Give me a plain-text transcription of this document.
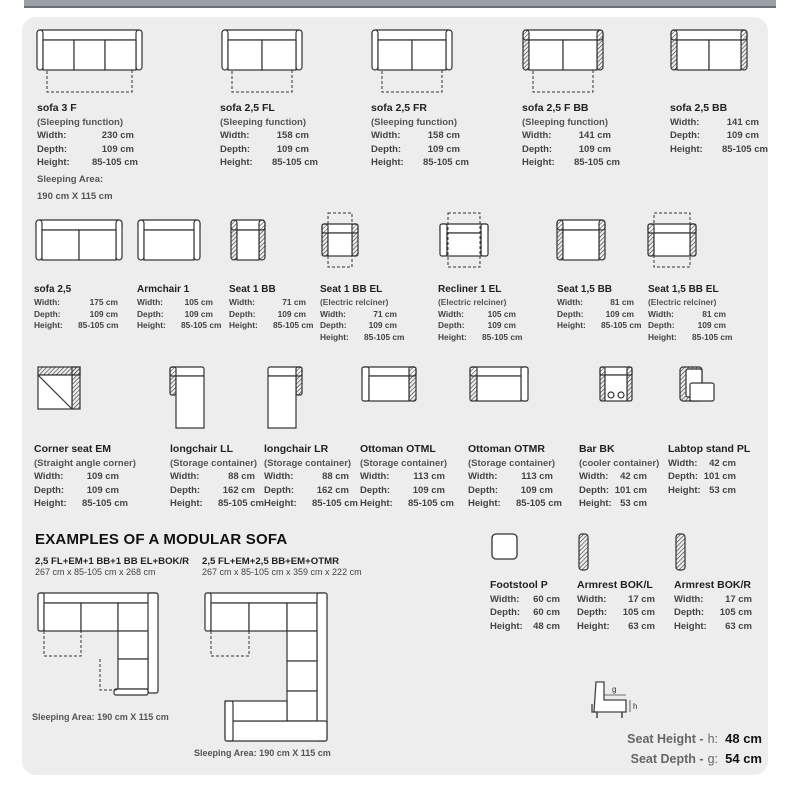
sofa 3 F
(Sleeping function)
Width:	230 cm
Depth:	109 cm
Height:	85-105 cm
Sleeping Area:
190 cm X 115 cm
sofa 2,5 FL
(Sleeping function)
Width:	158 cm
Depth:	109 cm
Height:	85-105 cm
sofa 2,5 FR
(Sleeping function)
Width:	158 cm
Depth:	109 cm
Height:	85-105 cm
sofa 2,5 F BB
(Sleeping function)
Width:	141 cm
Depth:	109 cm
Height:	85-105 cm
sofa 2,5 BB
Width:	141 cm
Depth:	109 cm
Height:	85-105 cm
sofa 2,5
Width:	175 cm
Depth:	109 cm
Height:	85-105 cm
Armchair 1
Width:	105 cm
Depth:	109 cm
Height:	85-105 cm
Seat 1 BB
Width:	71 cm
Depth:	109 cm
Height:	85-105 cm
Seat 1 BB EL
(Electric relciner)
Width:	71 cm
Depth:	109 cm
Height:	85-105 cm
Recliner 1 EL
(Electric relciner)
Width:	105 cm
Depth:	109 cm
Height:	85-105 cm
Seat 1,5 BB
Width:	81 cm
Depth:	109 cm
Height:	85-105 cm
Seat 1,5 BB EL
(Electric relciner)
Width:	81 cm
Depth:	109 cm
Height:	85-105 cm
Corner seat EM
(Straight angle corner)
Width:	109 cm
Depth:	109 cm
Height:	85-105 cm
longchair LL
(Storage container)
Width:	88 cm
Depth:	162 cm
Height:	85-105 cm
longchair LR
(Storage container)
Width:	88 cm
Depth:	162 cm
Height:	85-105 cm
Ottoman OTML
(Storage container)
Width:	113 cm
Depth:	109 cm
Height:	85-105 cm
Ottoman OTMR
(Storage container)
Width:	113 cm
Depth:	109 cm
Height:	85-105 cm
Bar BK
(cooler container)
Width:	42 cm
Depth: 101 cm
Height: 53 cm
Labtop stand PL
Width:	42 cm
Depth: 101 cm
Height: 53 cm
Footstool P
Width:	60 cm
Depth:	60 cm
Height:	48 cm
Armrest BOK/L
Width:	17 cm
Depth:	105 cm
Height:	63 cm
Armrest BOK/R
Width:	17 cm
Depth:	105 cm
Height:	63 cm
EXAMPLES OF A MODULAR SOFA
2,5 FL+EM+1 BB+1 BB EL+BOK/R
267 cm x 85-105 cm x 268 cm
2,5 FL+EM+2,5 BB+EM+OTMR
267 cm x 85-105 cm x 359 cm x 222 cm
Sleeping Area: 190 cm X 115 cm
Sleeping Area: 190 cm X 115 cm
g
h
Seat Height - h: 48 cm
Seat Depth - g: 54 cm
